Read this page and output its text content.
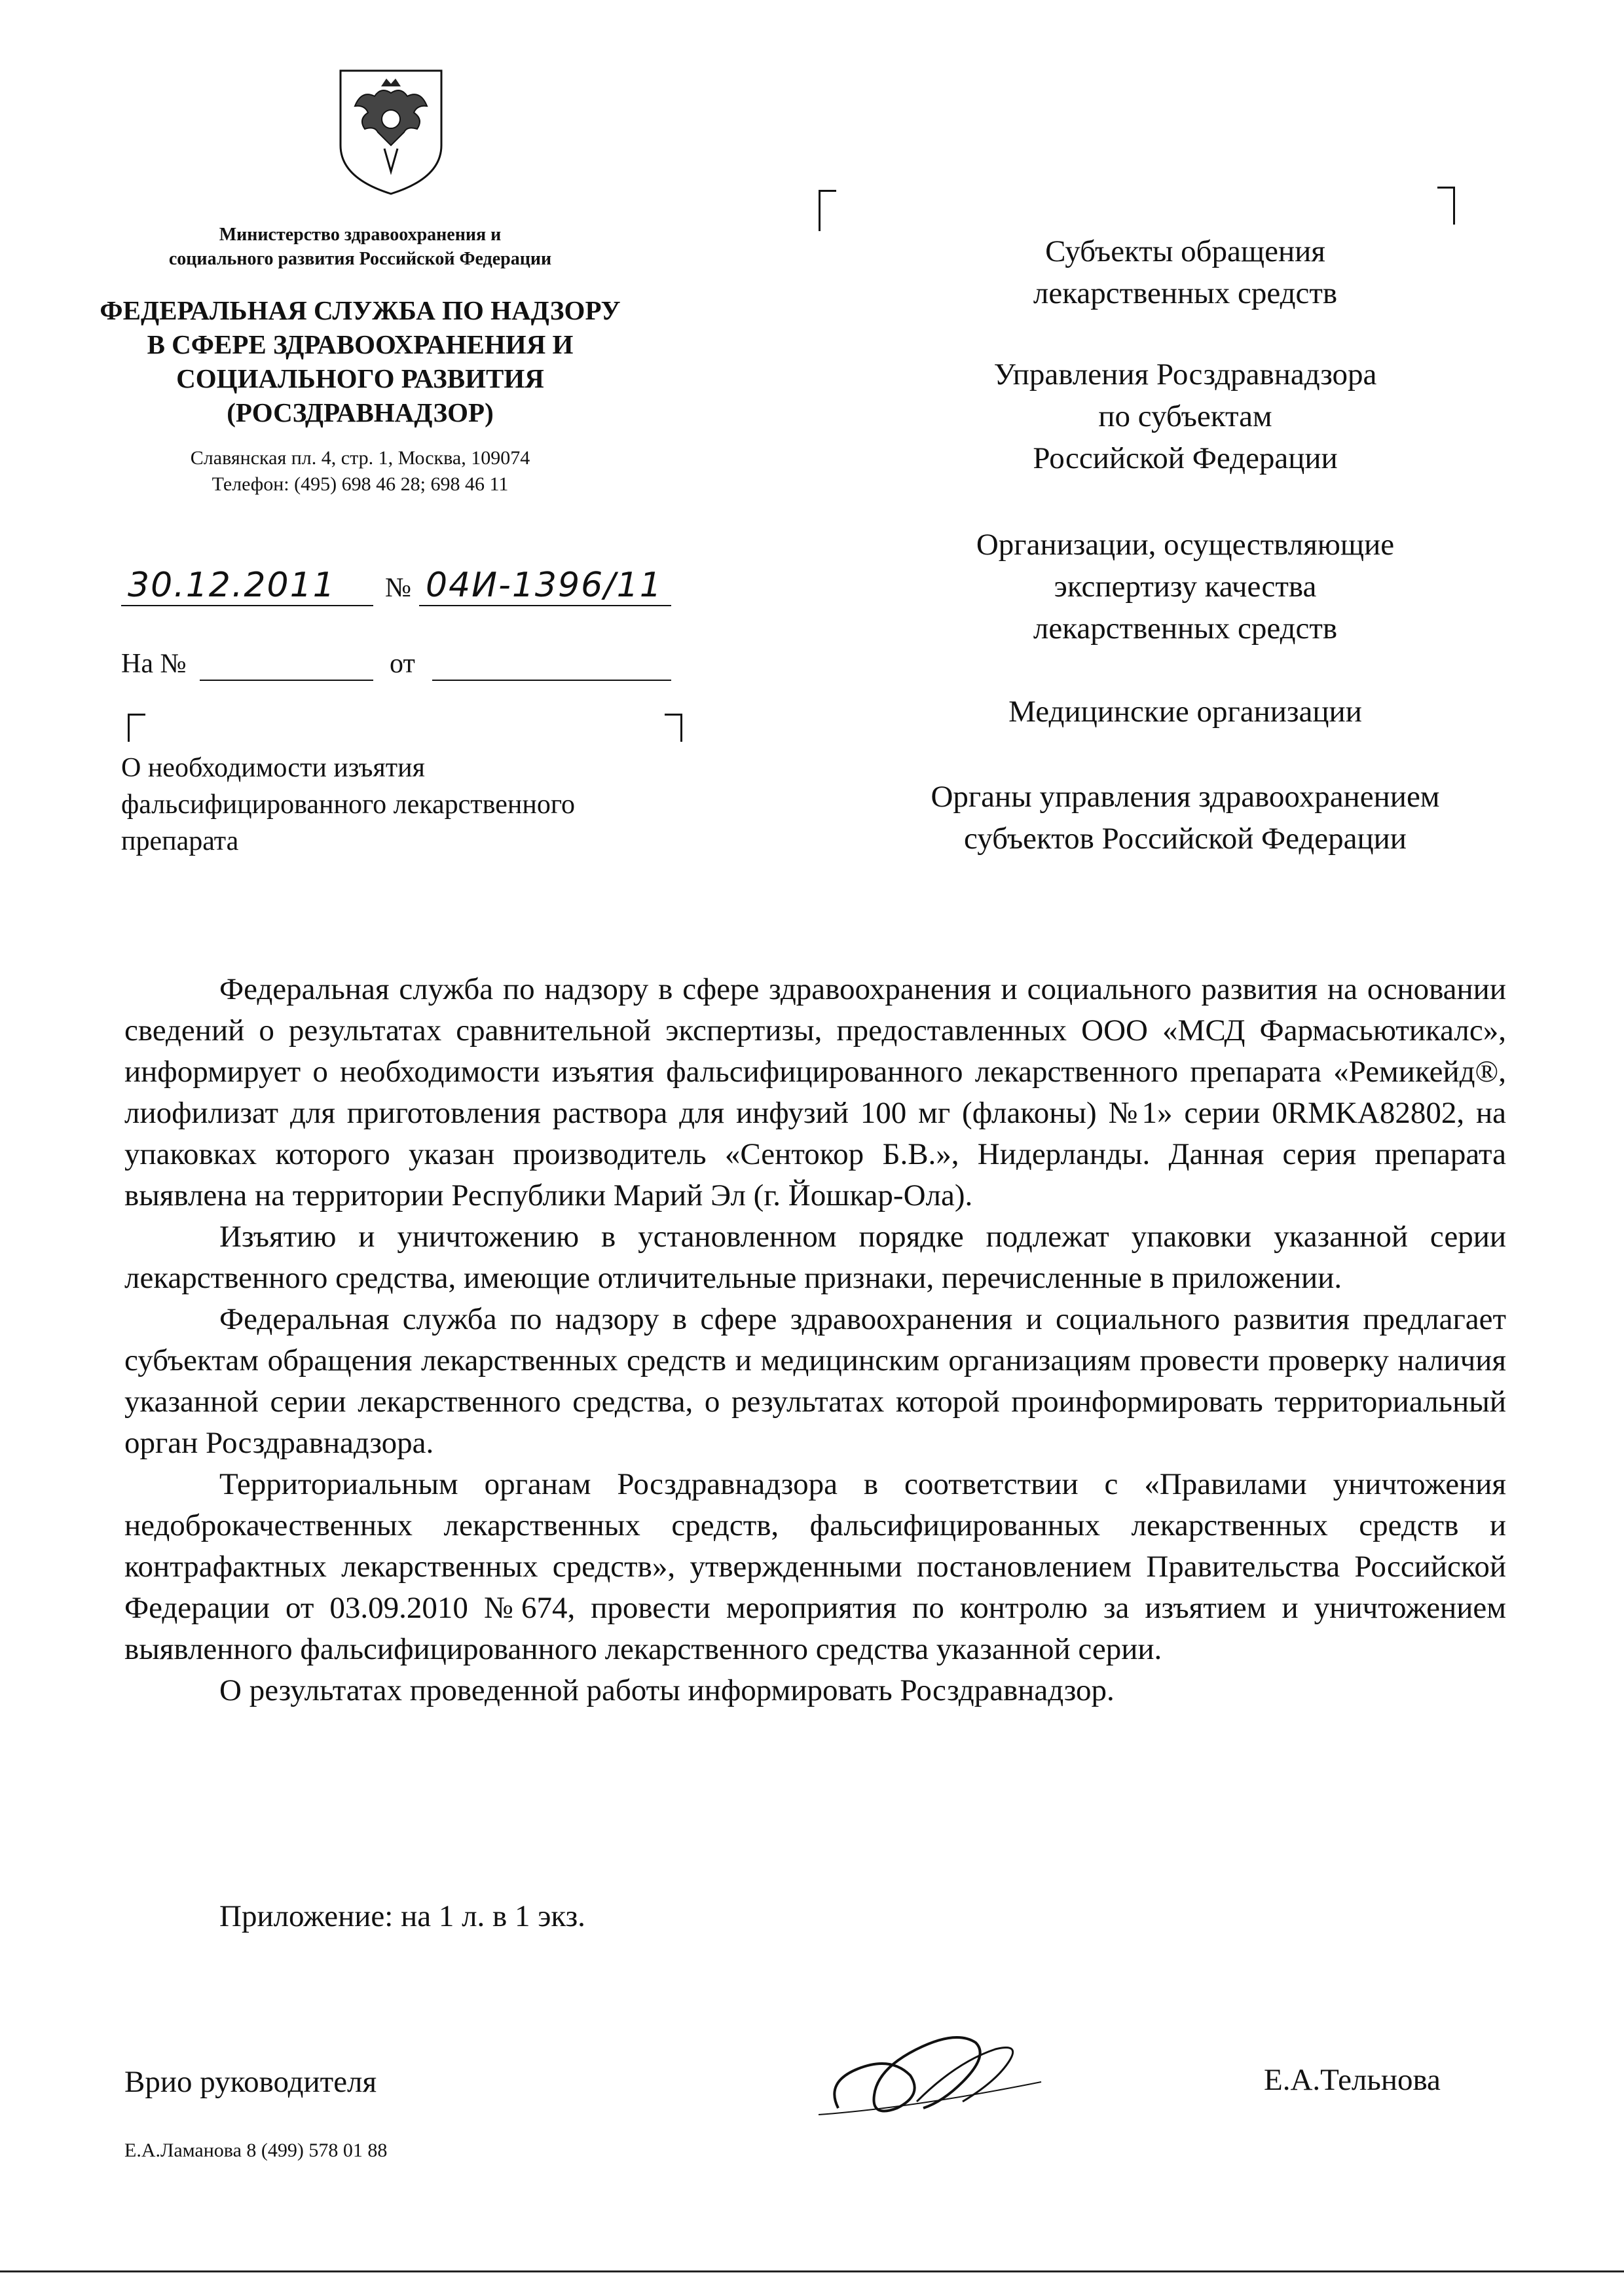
Министерство здравоохранения и
социального развития Российской Федерации
ФЕДЕРАЛЬНАЯ СЛУЖБА ПО НАДЗОРУ
В СФЕРЕ ЗДРАВООХРАНЕНИЯ И
СОЦИАЛЬНОГО РАЗВИТИЯ
(РОСЗДРАВНАДЗОР)
Славянская пл. 4, стр. 1, Москва, 109074
Телефон: (495) 698 46 28; 698 46 11
30.12.2011 № 04И-1396/11
На №	от
О необходимости изъятия
фальсифицированного лекарственного
препарата
Субъекты обращения
лекарственных средств
Управления Росздравнадзора
по субъектам
Российской Федерации
Организации, осуществляющие
экспертизу качества
лекарственных средств
Медицинские организации
Органы управления здравоохранением
субъектов Российской Федерации

Федеральная служба по надзору в сфере здравоохранения и социального развития на основании сведений о результатах сравнительной экспертизы, предоставленных ООО «МСД Фармасьютикалс», информирует о необходимости изъятия фальсифицированного лекарственного препарата «Ремикейд®, лиофилизат для приготовления раствора для инфузий 100 мг (флаконы) №1» серии 0RMKA82802, на упаковках которого указан производитель «Сентокор Б.В.», Нидерланды. Данная серия препарата выявлена на территории Республики Марий Эл (г. Йошкар-Ола).

Изъятию и уничтожению в установленном порядке подлежат упаковки указанной серии лекарственного средства, имеющие отличительные признаки, перечисленные в приложении.

Федеральная служба по надзору в сфере здравоохранения и социального развития предлагает субъектам обращения лекарственных средств и медицинским организациям провести проверку наличия указанной серии лекарственного средства, о результатах которой проинформировать территориальный орган Росздравнадзора.

Территориальным органам Росздравнадзора в соответствии с «Правилами уничтожения недоброкачественных лекарственных средств, фальсифицированных лекарственных средств и контрафактных лекарственных средств», утвержденными постановлением Правительства Российской Федерации от 03.09.2010 №674, провести мероприятия по контролю за изъятием и уничтожением выявленного фальсифицированного лекарственного средства указанной серии.

О результатах проведенной работы информировать Росздравнадзор.

Приложение: на 1 л. в 1 экз.
Врио руководителя	Е.А.Тельнова
Е.А.Ламанова 8 (499) 578 01 88
